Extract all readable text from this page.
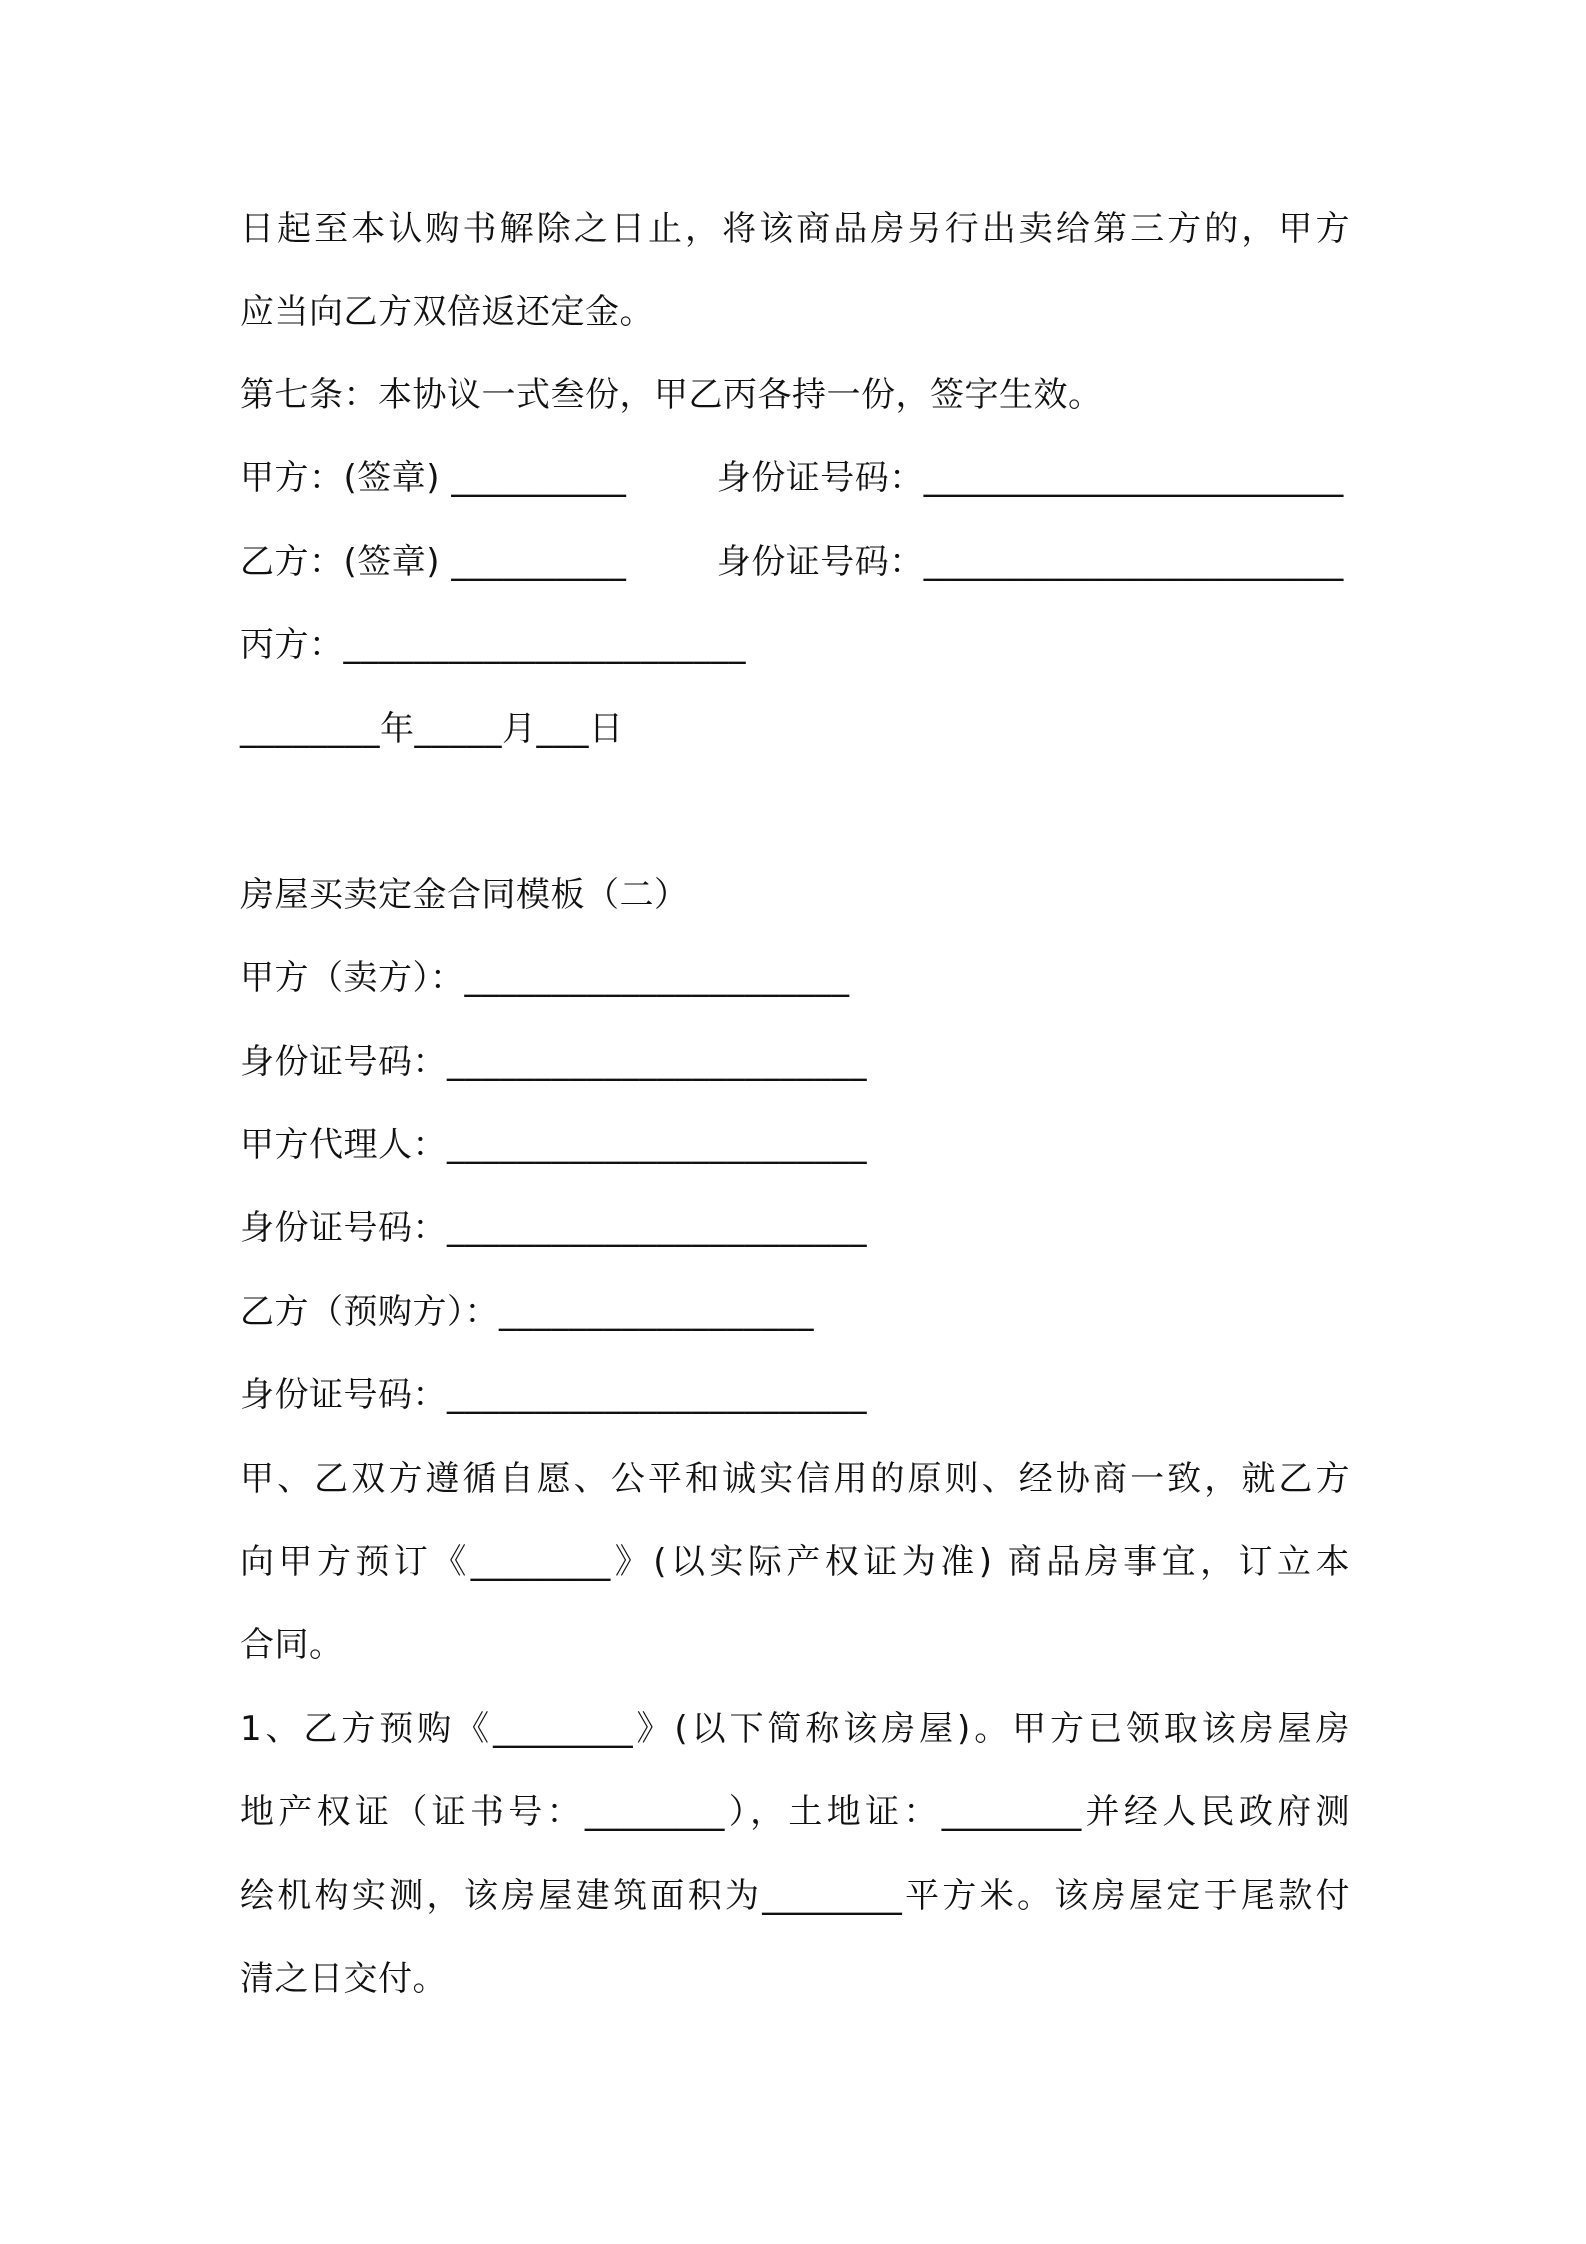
日起至本认购书解除之日止，将该商品房另行出卖给第三方的，甲方
应当向乙方双倍返还定金。
第七条：本协议一式叁份，甲乙丙各持一份，签字生效。
甲方：(签章) __________        身份证号码：________________________
乙方：(签章) __________        身份证号码：________________________
丙方：_______________________
________年_____月___日
房屋买卖定金合同模板（二）
甲方（卖方）：______________________
身份证号码：________________________
甲方代理人：________________________
身份证号码：________________________
乙方（预购方）：__________________
身份证号码：________________________
甲、乙双方遵循自愿、公平和诚实信用的原则、经协商一致，就乙方
向甲方预订《________》(以实际产权证为准) 商品房事宜，订立本
合同。
1、乙方预购《________》(以下简称该房屋)。甲方已领取该房屋房
地产权证（证书号：________），土地证：________并经人民政府测
绘机构实测，该房屋建筑面积为________平方米。该房屋定于尾款付
清之日交付。
